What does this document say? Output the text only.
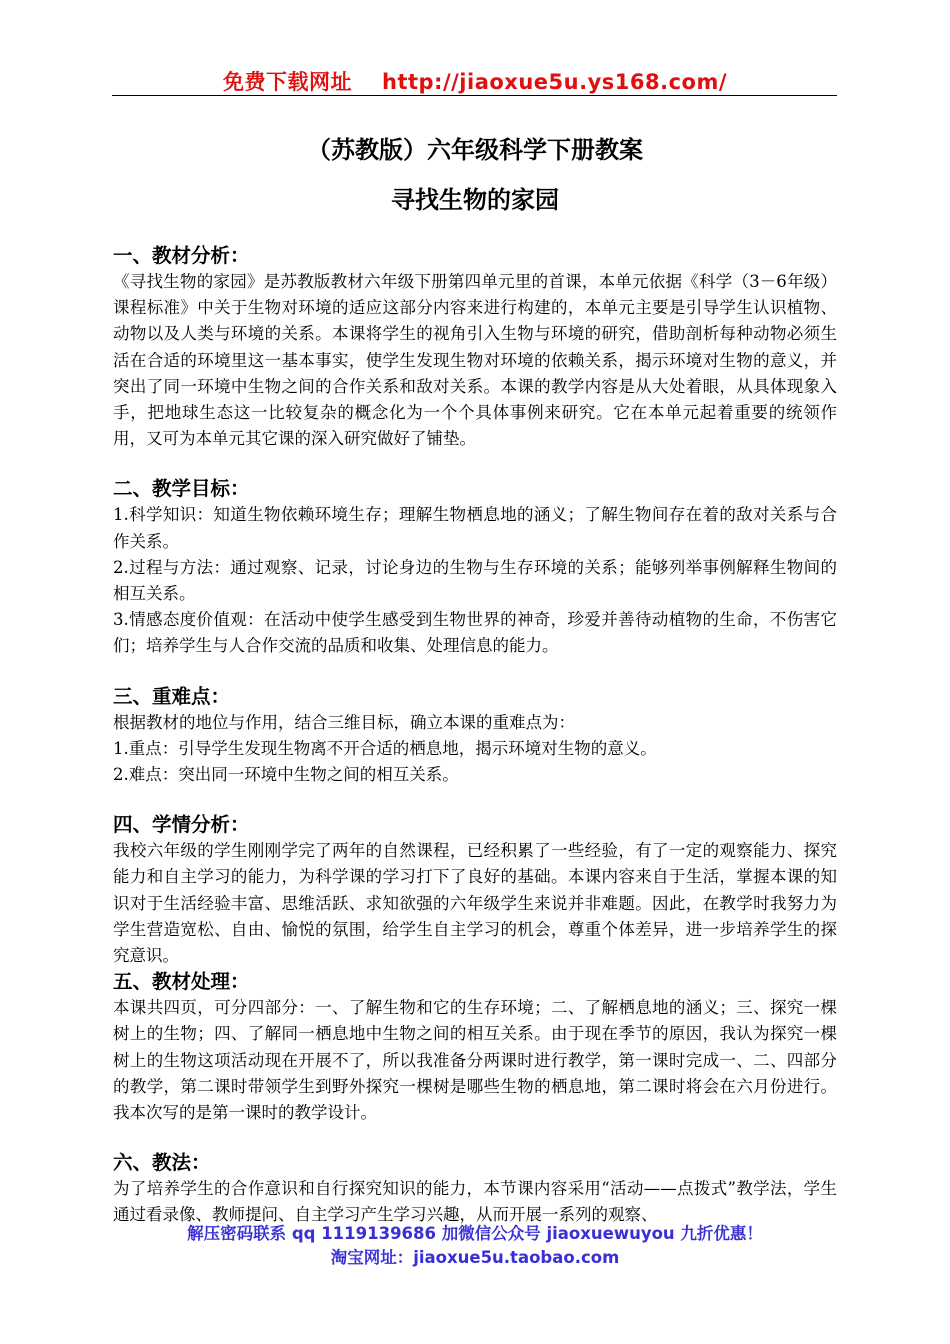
免费下载网址 http://jiaoxue5u.ys168.com/
（苏教版）六年级科学下册教案
寻找生物的家园
一、教材分析：
《寻找生物的家园》是苏教版教材六年级下册第四单元里的首课，本单元依据《科学（3－6年级）课程标准》中关于生物对环境的适应这部分内容来进行构建的，本单元主要是引导学生认识植物、动物以及人类与环境的关系。本课将学生的视角引入生物与环境的研究，借助剖析每种动物必须生活在合适的环境里这一基本事实，使学生发现生物对环境的依赖关系，揭示环境对生物的意义，并突出了同一环境中生物之间的合作关系和敌对关系。本课的教学内容是从大处着眼，从具体现象入手，把地球生态这一比较复杂的概念化为一个个具体事例来研究。它在本单元起着重要的统领作用，又可为本单元其它课的深入研究做好了铺垫。
二、教学目标：
1.科学知识：知道生物依赖环境生存；理解生物栖息地的涵义；了解生物间存在着的敌对关系与合作关系。
2.过程与方法：通过观察、记录，讨论身边的生物与生存环境的关系；能够列举事例解释生物间的相互关系。
3.情感态度价值观：在活动中使学生感受到生物世界的神奇，珍爱并善待动植物的生命，不伤害它们；培养学生与人合作交流的品质和收集、处理信息的能力。
三、重难点：
根据教材的地位与作用，结合三维目标，确立本课的重难点为：
1.重点：引导学生发现生物离不开合适的栖息地，揭示环境对生物的意义。
2.难点：突出同一环境中生物之间的相互关系。
四、学情分析：
我校六年级的学生刚刚学完了两年的自然课程，已经积累了一些经验，有了一定的观察能力、探究能力和自主学习的能力，为科学课的学习打下了良好的基础。本课内容来自于生活，掌握本课的知识对于生活经验丰富、思维活跃、求知欲强的六年级学生来说并非难题。因此，在教学时我努力为学生营造宽松、自由、愉悦的氛围，给学生自主学习的机会，尊重个体差异，进一步培养学生的探究意识。
五、教材处理：
本课共四页，可分四部分：一、了解生物和它的生存环境；二、了解栖息地的涵义；三、探究一棵树上的生物；四、了解同一栖息地中生物之间的相互关系。由于现在季节的原因，我认为探究一棵树上的生物这项活动现在开展不了，所以我准备分两课时进行教学，第一课时完成一、二、四部分的教学，第二课时带领学生到野外探究一棵树是哪些生物的栖息地，第二课时将会在六月份进行。我本次写的是第一课时的教学设计。
六、教法：
为了培养学生的合作意识和自行探究知识的能力，本节课内容采用“活动——点拨式”教学法，学生通过看录像、教师提问、自主学习产生学习兴趣，从而开展一系列的观察、
解压密码联系 qq 1119139686 加微信公众号 jiaoxuewuyou 九折优惠！
淘宝网址：jiaoxue5u.taobao.com
